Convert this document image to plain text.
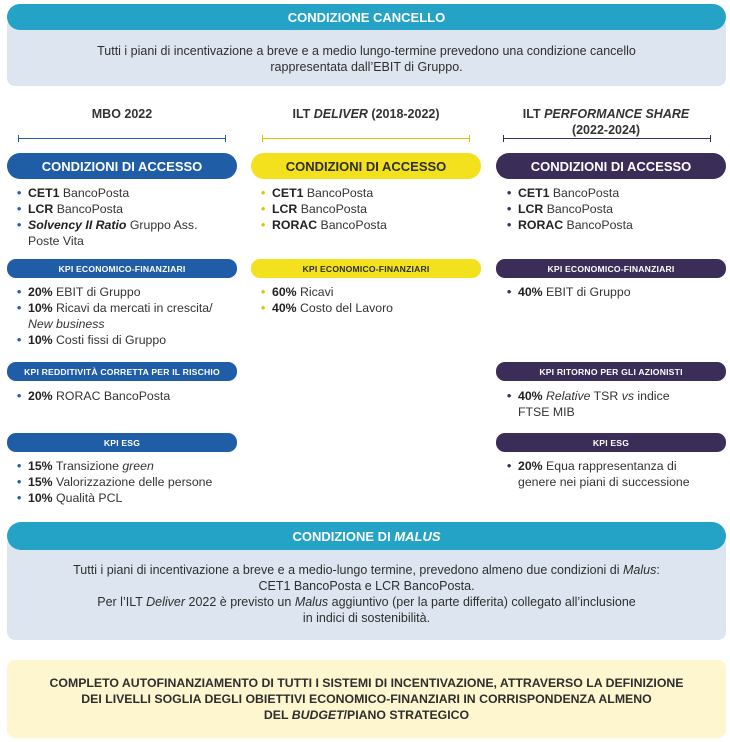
CONDIZIONE CANCELLO
Tutti i piani di incentivazione a breve e a medio lungo-termine prevedono una condizione cancello
rappresentata dall’EBIT di Gruppo.
MBO 2022	ILT DELIVER (2018-2022)	ILT PERFORMANCE SHARE
(2022-2024)
CONDIZIONI DI ACCESSO
• CET1 BancoPosta
• LCR BancoPosta
• Solvency II Ratio Gruppo Ass.
Poste Vita
KPI ECONOMICO-FINANZIARI
• 20% EBIT di Gruppo
• 10% Ricavi da mercati in crescita/
New business
• 10% Costi fissi di Gruppo
KPI REDDITIVITÀ CORRETTA PER IL RISCHIO
• 20% RORAC BancoPosta
KPI ESG
• 15% Transizione green
• 15% Valorizzazione delle persone
• 10% Qualità PCL
CONDIZIONI DI ACCESSO
• CET1 BancoPosta
• LCR BancoPosta
• RORAC BancoPosta
KPI ECONOMICO-FINANZIARI
• 60% Ricavi
• 40% Costo del Lavoro
CONDIZIONI DI ACCESSO
• CET1 BancoPosta
• LCR BancoPosta
• RORAC BancoPosta
KPI ECONOMICO-FINANZIARI
• 40% EBIT di Gruppo
KPI RITORNO PER GLI AZIONISTI
• 40% Relative TSR vs indice
FTSE MIB
KPI ESG
• 20% Equa rappresentanza di
genere nei piani di successione
CONDIZIONE DI
MALUS
Tutti i piani di incentivazione a breve e a medio-lungo termine, prevedono almeno due condizioni di Malus:
CET1 BancoPosta e LCR BancoPosta.
Per l’ILT Deliver 2022 è previsto un Malus aggiuntivo (per la parte differita) collegato all’inclusione
in indici di sostenibilità.
COMPLETO AUTOFINANZIAMENTO DI TUTTI I SISTEMI DI INCENTIVAZIONE, ATTRAVERSO LA DEFINIZIONE
DEI LIVELLI SOGLIA DEGLI OBIETTIVI ECONOMICO-FINANZIARI IN CORRISPONDENZA ALMENO
DEL BUDGET/PIANO STRATEGICO
